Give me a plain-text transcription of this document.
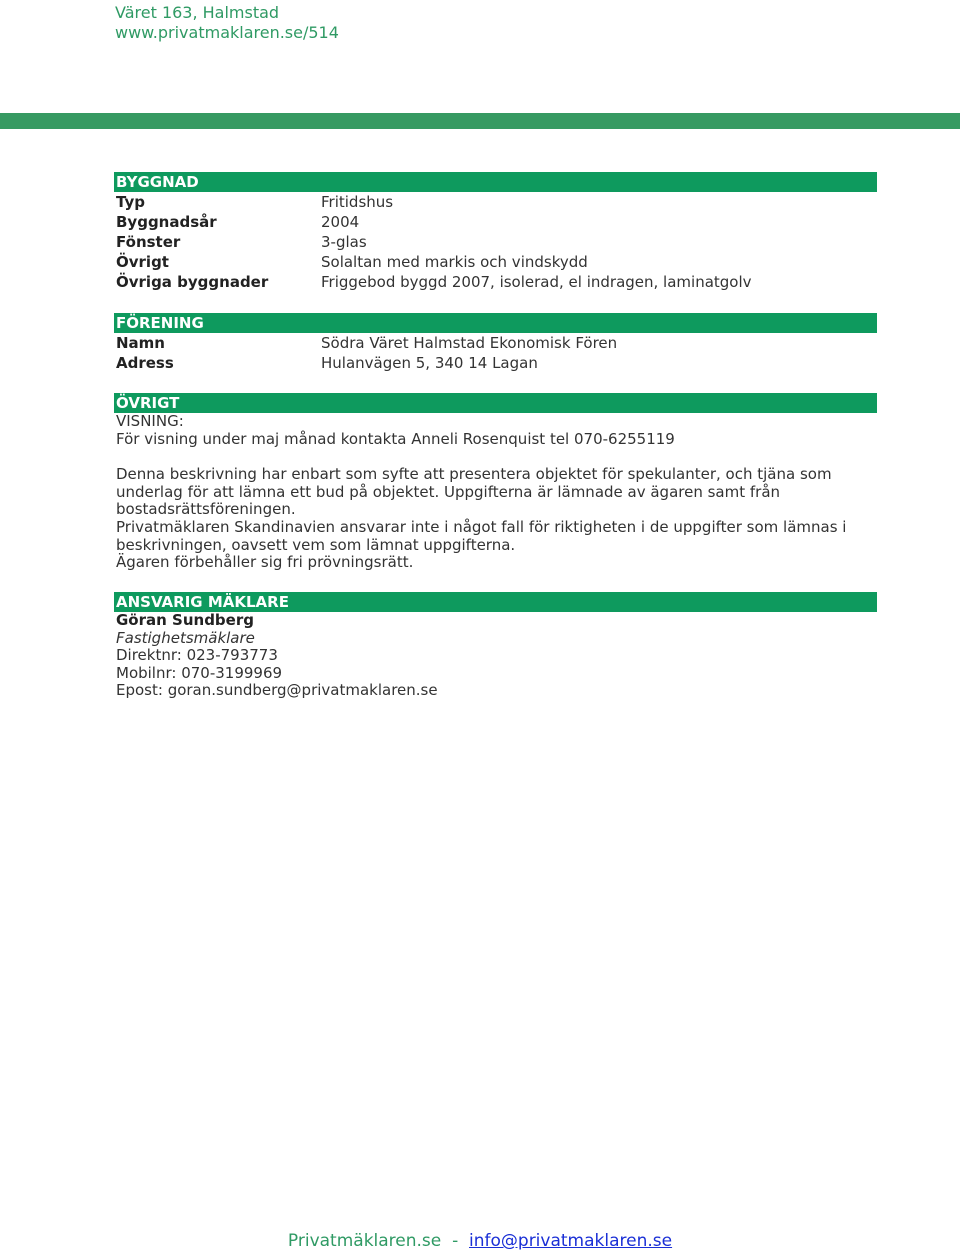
Väret 163, Halmstad
www.privatmaklaren.se/514
BYGGNAD
Typ	Fritidshus
Byggnadsår	2004
Fönster	3-glas
Övrigt	Solaltan med markis och vindskydd
Övriga byggnader	Friggebod byggd 2007, isolerad, el indragen, laminatgolv
FÖRENING
Namn	Södra Väret Halmstad Ekonomisk Fören
Adress	Hulanvägen 5, 340 14 Lagan
ÖVRIGT

VISNING:

För visning under maj månad kontakta Anneli Rosenquist tel 070-6255119

Denna beskrivning har enbart som syfte att presentera objektet för spekulanter, och tjäna som underlag för att lämna ett bud på objektet. Uppgifterna är lämnade av ägaren samt från bostadsrättsföreningen.

Privatmäklaren Skandinavien ansvarar inte i något fall för riktigheten i de uppgifter som lämnas i beskrivningen, oavsett vem som lämnat uppgifterna.

Ägaren förbehåller sig fri prövningsrätt.

ANSVARIG MÄKLARE

Göran Sundberg

Fastighetsmäklare

Direktnr: 023-793773

Mobilnr: 070-3199969

Epost: goran.sundberg@privatmaklaren.se

Privatmäklaren.se - info@privatmaklaren.se
